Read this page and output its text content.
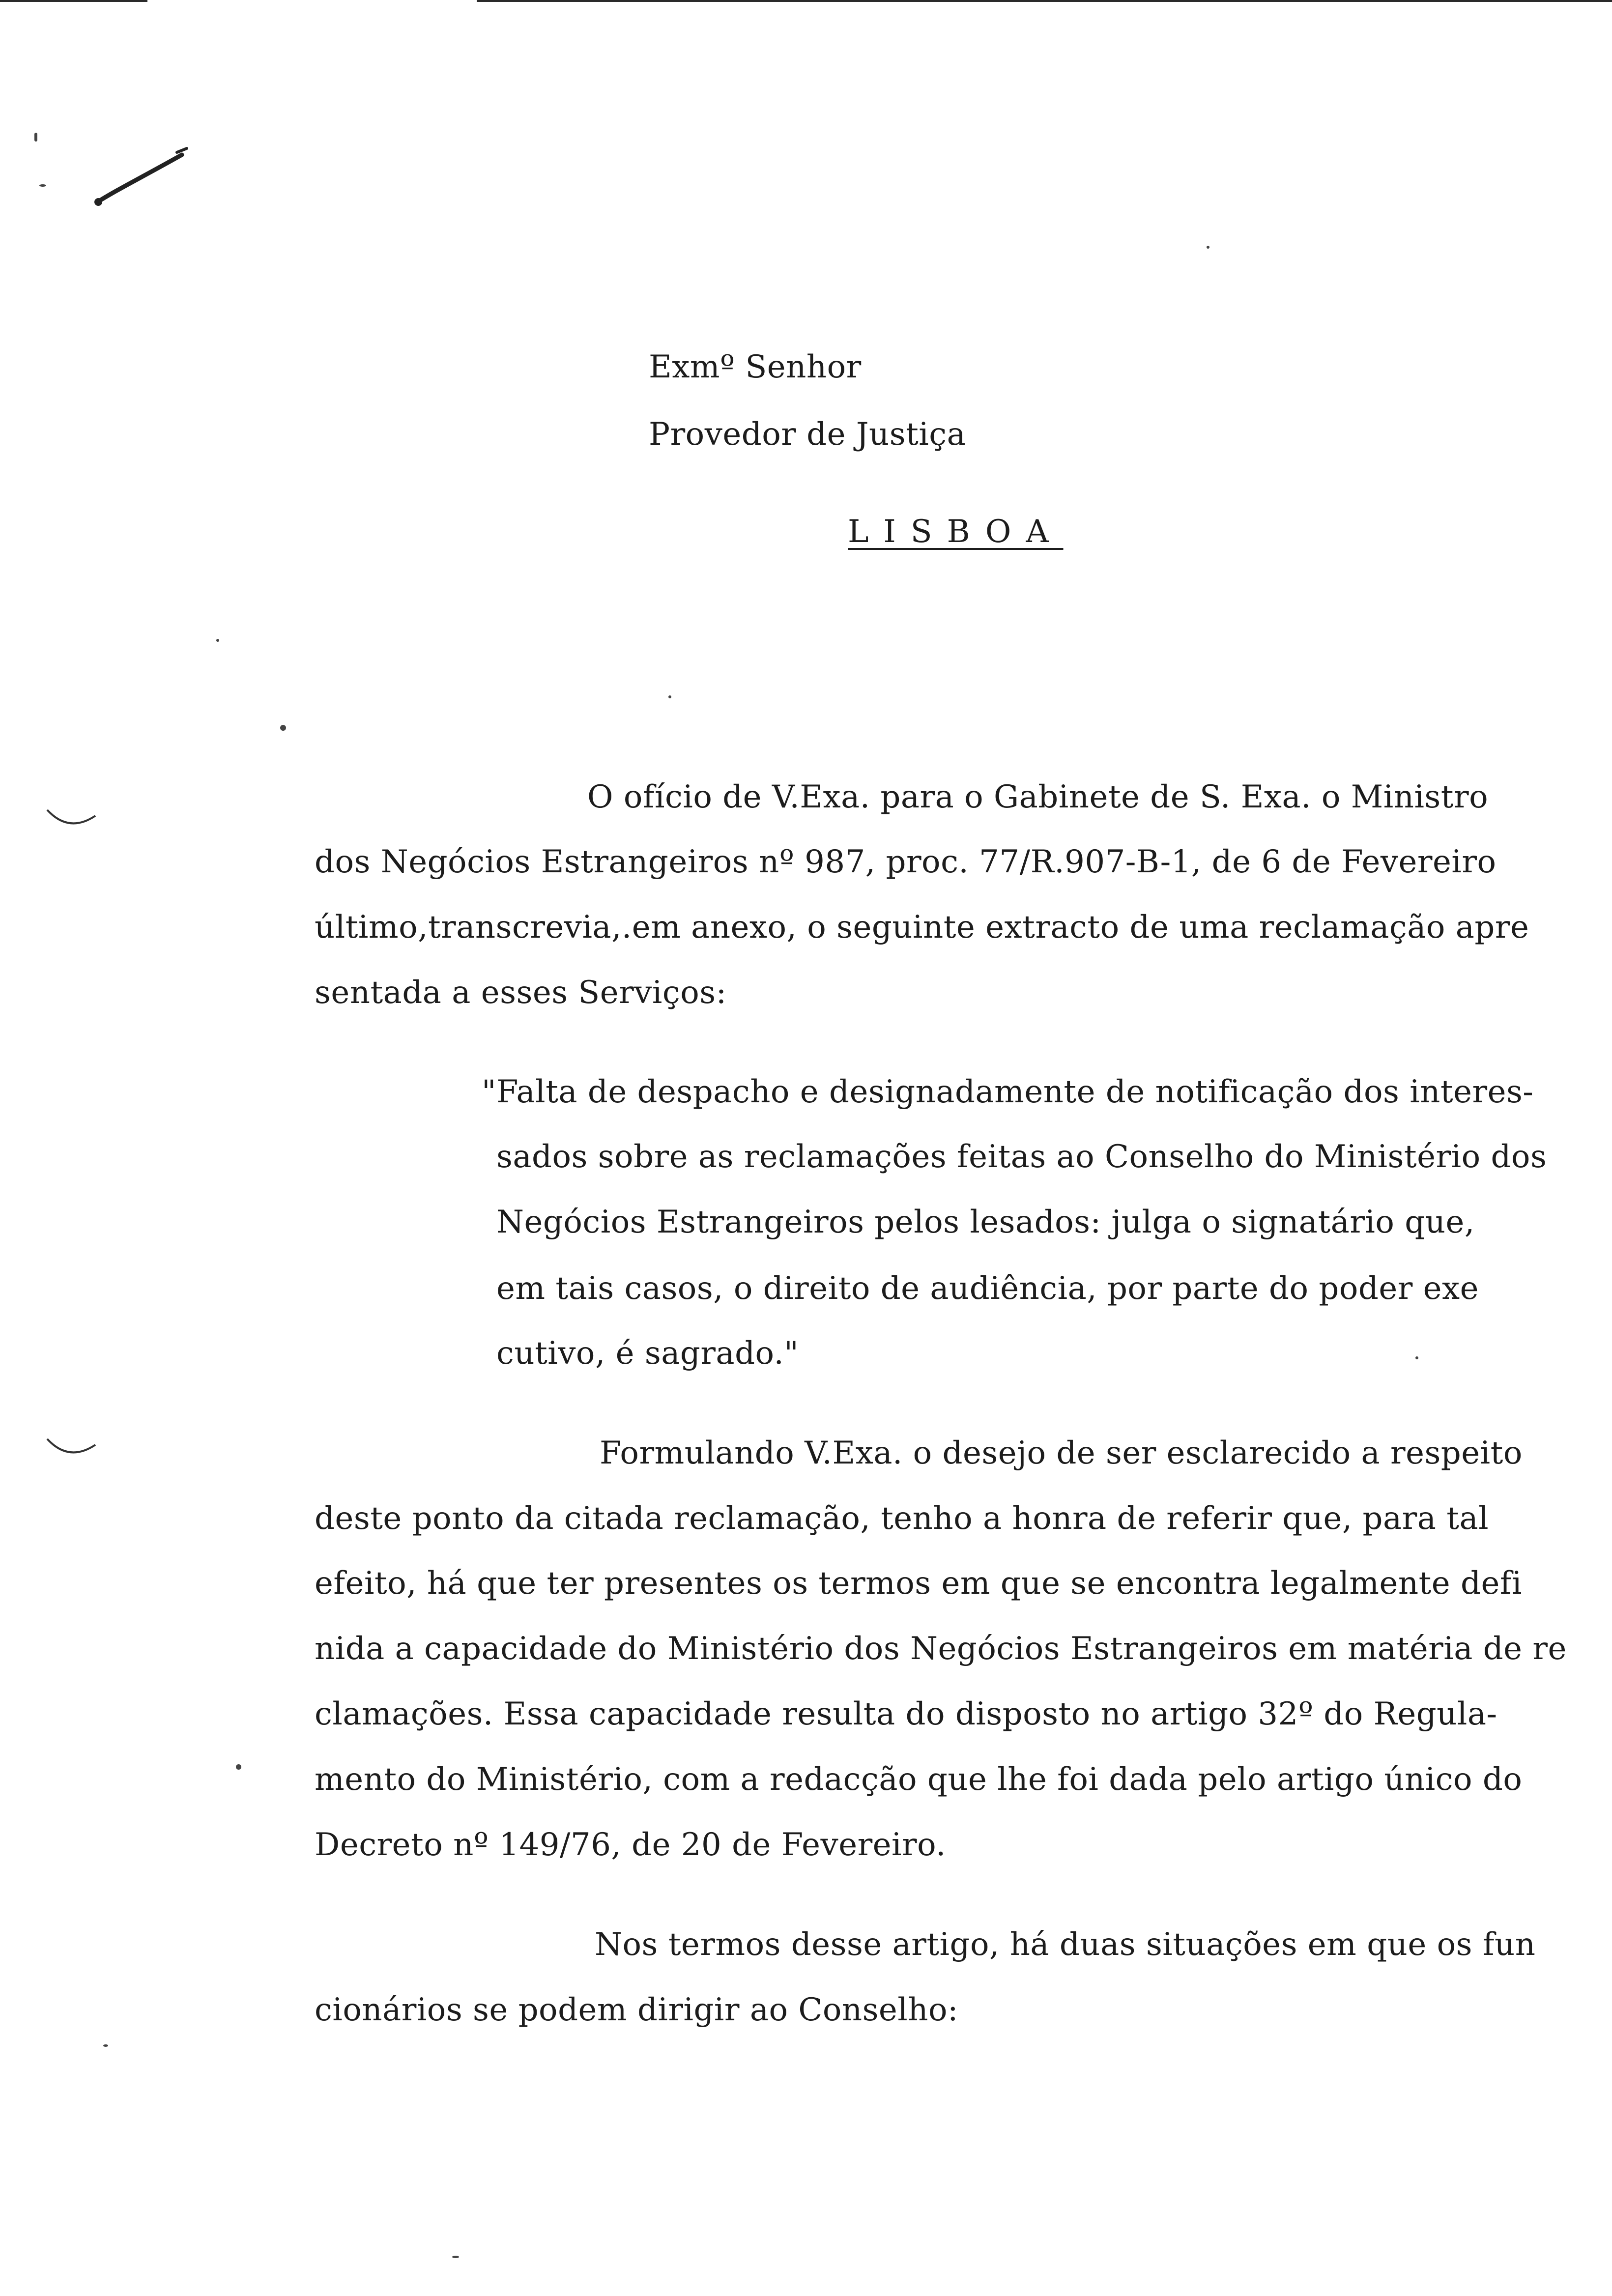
Exmº Senhor
Provedor de Justiça
LISBOA
O ofício de V.Exa. para o Gabinete de S. Exa. o Ministro
dos Negócios Estrangeiros nº 987, proc. 77/R.907-B-1, de 6 de Fevereiro
último,transcrevia,.em anexo, o seguinte extracto de uma reclamação apre
sentada a esses Serviços:
"Falta de despacho e designadamente de notificação dos interes-
sados sobre as reclamações feitas ao Conselho do Ministério dos
Negócios Estrangeiros pelos lesados: julga o signatário que,
em tais casos, o direito de audiência, por parte do poder exe
cutivo, é sagrado."
Formulando V.Exa. o desejo de ser esclarecido a respeito
deste ponto da citada reclamação, tenho a honra de referir que, para tal
efeito, há que ter presentes os termos em que se encontra legalmente defi
nida a capacidade do Ministério dos Negócios Estrangeiros em matéria de re
clamações. Essa capacidade resulta do disposto no artigo 32º do Regula-
mento do Ministério, com a redacção que lhe foi dada pelo artigo único do
Decreto nº 149/76, de 20 de Fevereiro.
Nos termos desse artigo, há duas situações em que os fun
cionários se podem dirigir ao Conselho:
